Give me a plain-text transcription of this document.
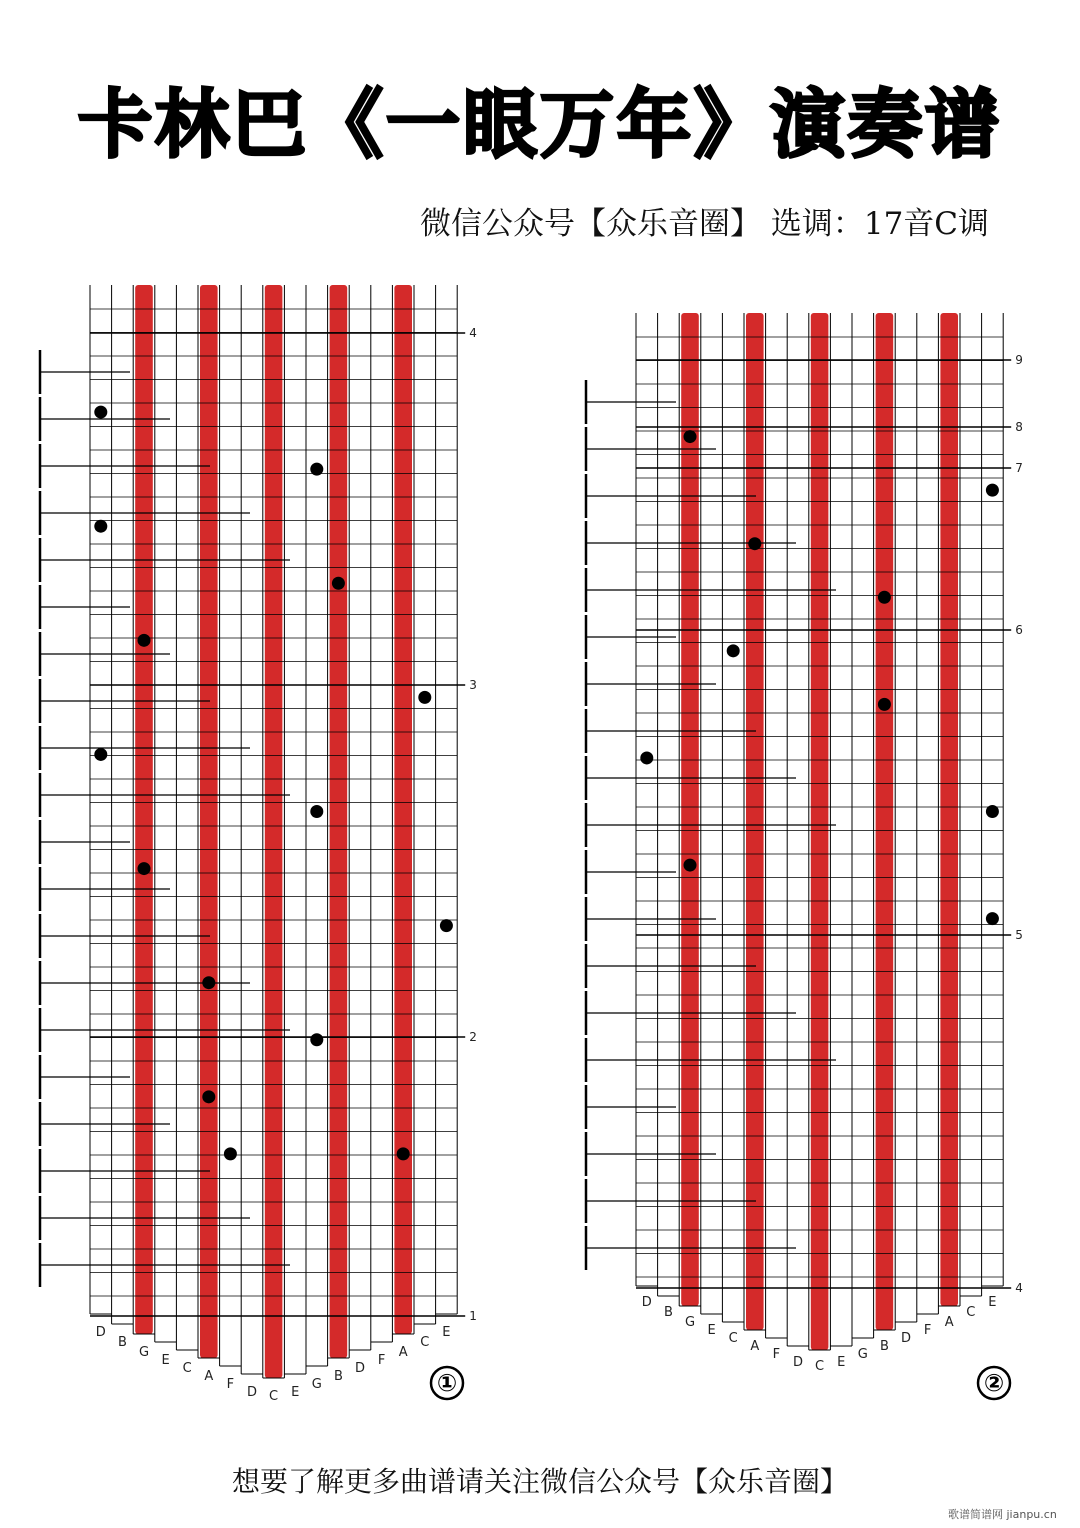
卡林巴《一眼万年》演奏谱
微信公众号【众乐音圈】 选调：17音C调
4
3
2
1
D
B
G
E
C
A
F
D C E
G
B
D
F
A
C
E
①
9
8
7
6
5
4
D
B
G
E
C
A
F
D C E
G
B
D
F
A
C
E
②
想要了解更多曲谱请关注微信公众号【众乐音圈】
歌谱简谱网 jianpu.cn
